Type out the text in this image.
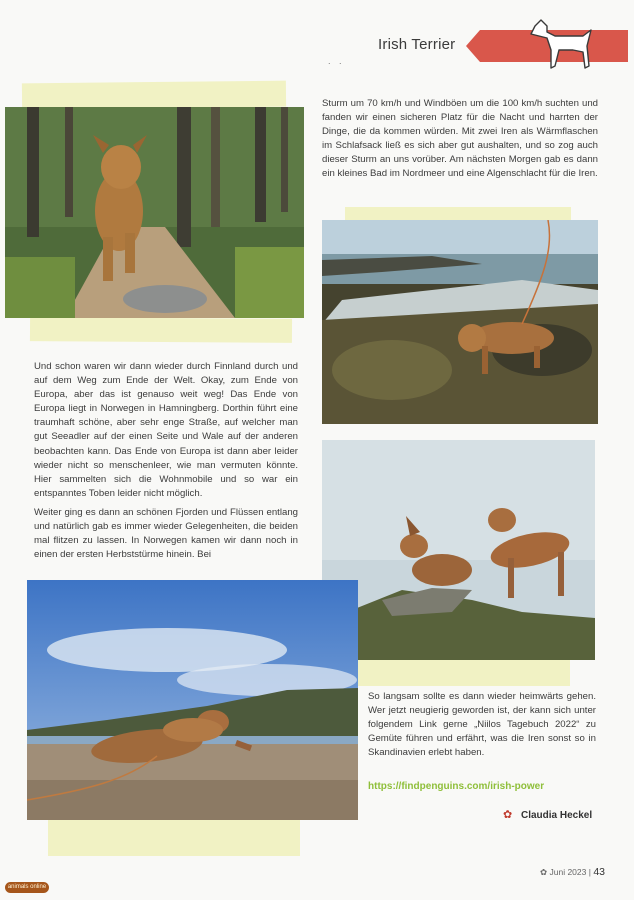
Irish Terrier
. .

Sturm um 70 km/h und Windböen um die 100 km/h suchten und fanden wir einen sicheren Platz für die Nacht und harrten der Dinge, die da kommen würden. Mit zwei Iren als Wärmflaschen im Schlafsack ließ es sich aber gut aushalten, und so zog auch dieser Sturm an uns vorüber. Am nächsten Morgen gab es dann ein kleines Bad im Nordmeer und eine Algenschlacht für die Iren.

Und schon waren wir dann wieder durch Finnland durch und auf dem Weg zum Ende der Welt. Okay, zum Ende von Europa, aber das ist genauso weit weg! Das Ende von Europa liegt in Norwegen in Hamningberg. Dorthin führt eine traumhaft schöne, aber sehr enge Straße, auf welcher man gut Seeadler auf der einen Seite und Wale auf der anderen beobachten kann. Das Ende von Europa ist dann aber leider wieder nicht so menschenleer, wie man vermuten könnte. Hier sammelten sich die Wohnmobile und so war ein entspanntes Toben leider nicht möglich.

Weiter ging es dann an schönen Fjorden und Flüssen entlang und natürlich gab es immer wieder Gelegenheiten, die beiden mal flitzen zu lassen. In Norwegen kamen wir dann noch in einen der ersten Herbststürme hinein. Bei

So langsam sollte es dann wieder heimwärts gehen. Wer jetzt neugierig geworden ist, der kann sich unter folgendem Link gerne „Niilos Tagebuch 2022“ zu Gemüte führen und erfährt, was die Iren sonst so in Skandinavien erlebt haben.

https://findpenguins.com/irish-power
✿ Claudia Heckel
✿ Juni 2023 | 43
animals online
